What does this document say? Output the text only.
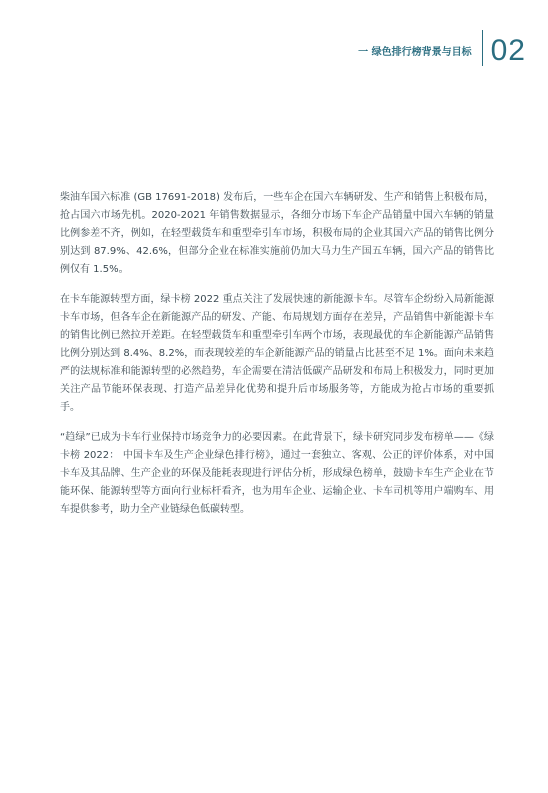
一 绿色排行榜背景与目标 02

柴油车国六标准 (GB 17691-2018) 发布后，一些车企在国六车辆研发、生产和销售上积极布局，抢占国六市场先机。2020-2021 年销售数据显示，各细分市场下车企产品销量中国六车辆的销量比例参差不齐，例如，在轻型载货车和重型牵引车市场，积极布局的企业其国六产品的销售比例分别达到 87.9%、42.6%，但部分企业在标准实施前仍加大马力生产国五车辆，国六产品的销售比例仅有 1.5%。

在卡车能源转型方面，绿卡榜 2022 重点关注了发展快速的新能源卡车。尽管车企纷纷入局新能源卡车市场，但各车企在新能源产品的研发、产能、布局规划方面存在差异，产品销售中新能源卡车的销售比例已然拉开差距。在轻型载货车和重型牵引车两个市场，表现最优的车企新能源产品销售比例分别达到 8.4%、8.2%，而表现较差的车企新能源产品的销量占比甚至不足 1%。面向未来趋严的法规标准和能源转型的必然趋势，车企需要在清洁低碳产品研发和布局上积极发力，同时更加关注产品节能环保表现、打造产品差异化优势和提升后市场服务等，方能成为抢占市场的重要抓手。

“趋绿”已成为卡车行业保持市场竞争力的必要因素。在此背景下，绿卡研究同步发布榜单——《绿卡榜 2022： 中国卡车及生产企业绿色排行榜》，通过一套独立、客观、公正的评价体系，对中国卡车及其品牌、生产企业的环保及能耗表现进行评估分析，形成绿色榜单，鼓励卡车生产企业在节能环保、能源转型等方面向行业标杆看齐，也为用车企业、运输企业、卡车司机等用户端购车、用车提供参考，助力全产业链绿色低碳转型。
